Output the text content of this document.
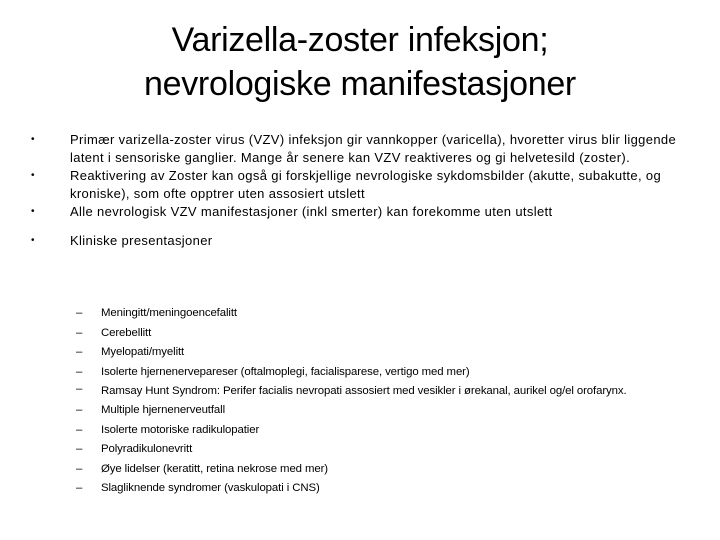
Varizella-zoster infeksjon;
nevrologiske manifestasjoner
•	Primær varizella-zoster virus (VZV) infeksjon gir vannkopper (varicella), hvoretter virus blir liggende latent i sensoriske ganglier. Mange år senere kan VZV reaktiveres og gi helvetesild (zoster).
•	Reaktivering av Zoster kan også gi forskjellige nevrologiske sykdomsbilder (akutte, subakutte, og kroniske), som ofte opptrer uten assosiert utslett
•	Alle nevrologisk VZV manifestasjoner (inkl smerter) kan forekomme uten utslett
•	Kliniske presentasjoner
– Meningitt/meningoencefalitt
– Cerebellitt
– Myelopati/myelitt
– Isolerte hjernenervepareser (oftalmoplegi, facialisparese, vertigo med mer)
– Ramsay Hunt Syndrom: Perifer facialis nevropati assosiert med vesikler i ørekanal, aurikel og/el orofarynx.
– Multiple hjernenerveutfall
– Isolerte motoriske radikulopatier
– Polyradikulonevritt
– Øye lidelser (keratitt, retina nekrose med mer)
– Slagliknende syndromer (vaskulopati i CNS)
